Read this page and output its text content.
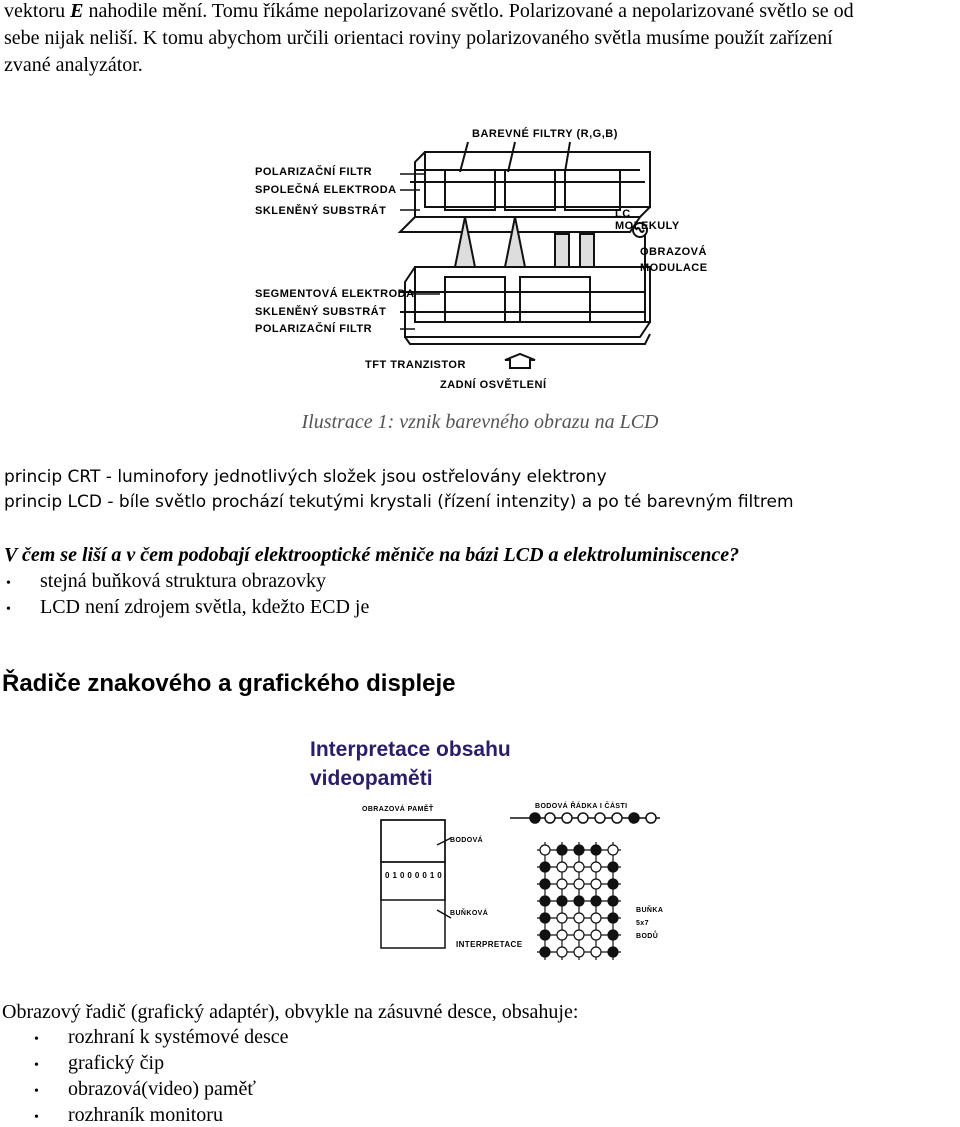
vektoru E nahodile mění. Tomu říkáme nepolarizované světlo. Polarizované a nepolarizované světlo se od
sebe nijak neliší. K tomu abychom určili orientaci roviny polarizovaného světla musíme použít zařízení
zvané analyzátor.
BAREVNÉ FILTRY (R,G,B)
POLARIZAČNÍ FILTR
SPOLEČNÁ ELEKTRODA
SKLENĚNÝ SUBSTRÁT	LC
MOLEKULY
OBRAZOVÁ
MODULACE
SEGMENTOVÁ ELEKTRODA
SKLENĚNÝ SUBSTRÁT
POLARIZAČNÍ FILTR
TFT TRANZISTOR
ZADNÍ OSVĚTLENÍ
Ilustrace 1: vznik barevného obrazu na LCD
princip CRT - luminofory jednotlivých složek jsou ostřelovány elektrony
princip LCD - bíle světlo prochází tekutými krystali (řízení intenzity) a po té barevným filtrem
V čem se liší a v čem podobají elektrooptické měniče na bázi LCD a elektroluminiscence?
•	stejná buňková struktura obrazovky
•	LCD není zdrojem světla, kdežto ECD je
Řadiče znakového a grafického displeje
Interpretace obsahu
videopaměti
OBRAZOVÁ PAMĚŤ
BODOVÁ
0 1 0 0 0 0 1 0
BUŇKOVÁ
INTERPRETACE
BODOVÁ ŘÁDKA I ČÁSTI
BUŇKA
5x7
BODŮ
Obrazový řadič (grafický adaptér), obvykle na zásuvné desce, obsahuje:
•	rozhraní k systémové desce
•	grafický čip
•	obrazová(video) paměť
•	rozhraník monitoru
